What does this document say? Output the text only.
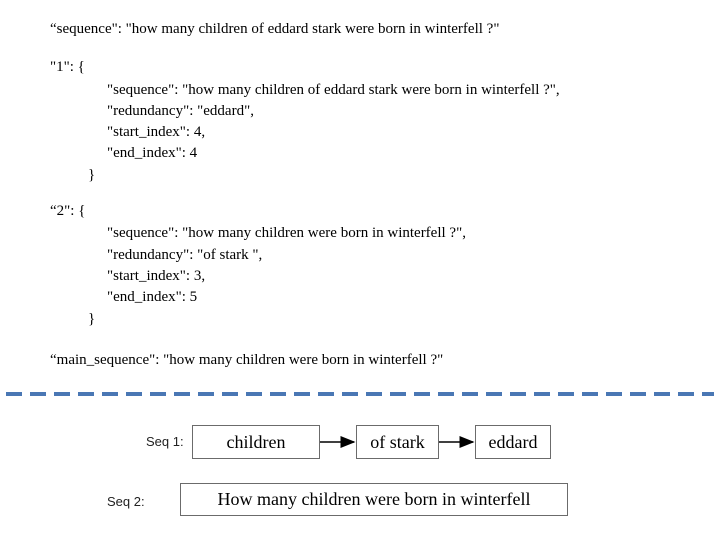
“sequence": "how many children of eddard stark were born in winterfell ?"
"1": {
"sequence": "how many children of eddard stark were born in winterfell ?",
"redundancy": "eddard",
"start_index": 4,
"end_index": 4
}
“2": {
"sequence": "how many children were born in winterfell ?",
"redundancy": "of stark ",
"start_index": 3,
"end_index": 5
}
“main_sequence": "how many children were born in winterfell ?"
Seq 1:	children	of stark	eddard
Seq 2:	How many children were born in winterfell
